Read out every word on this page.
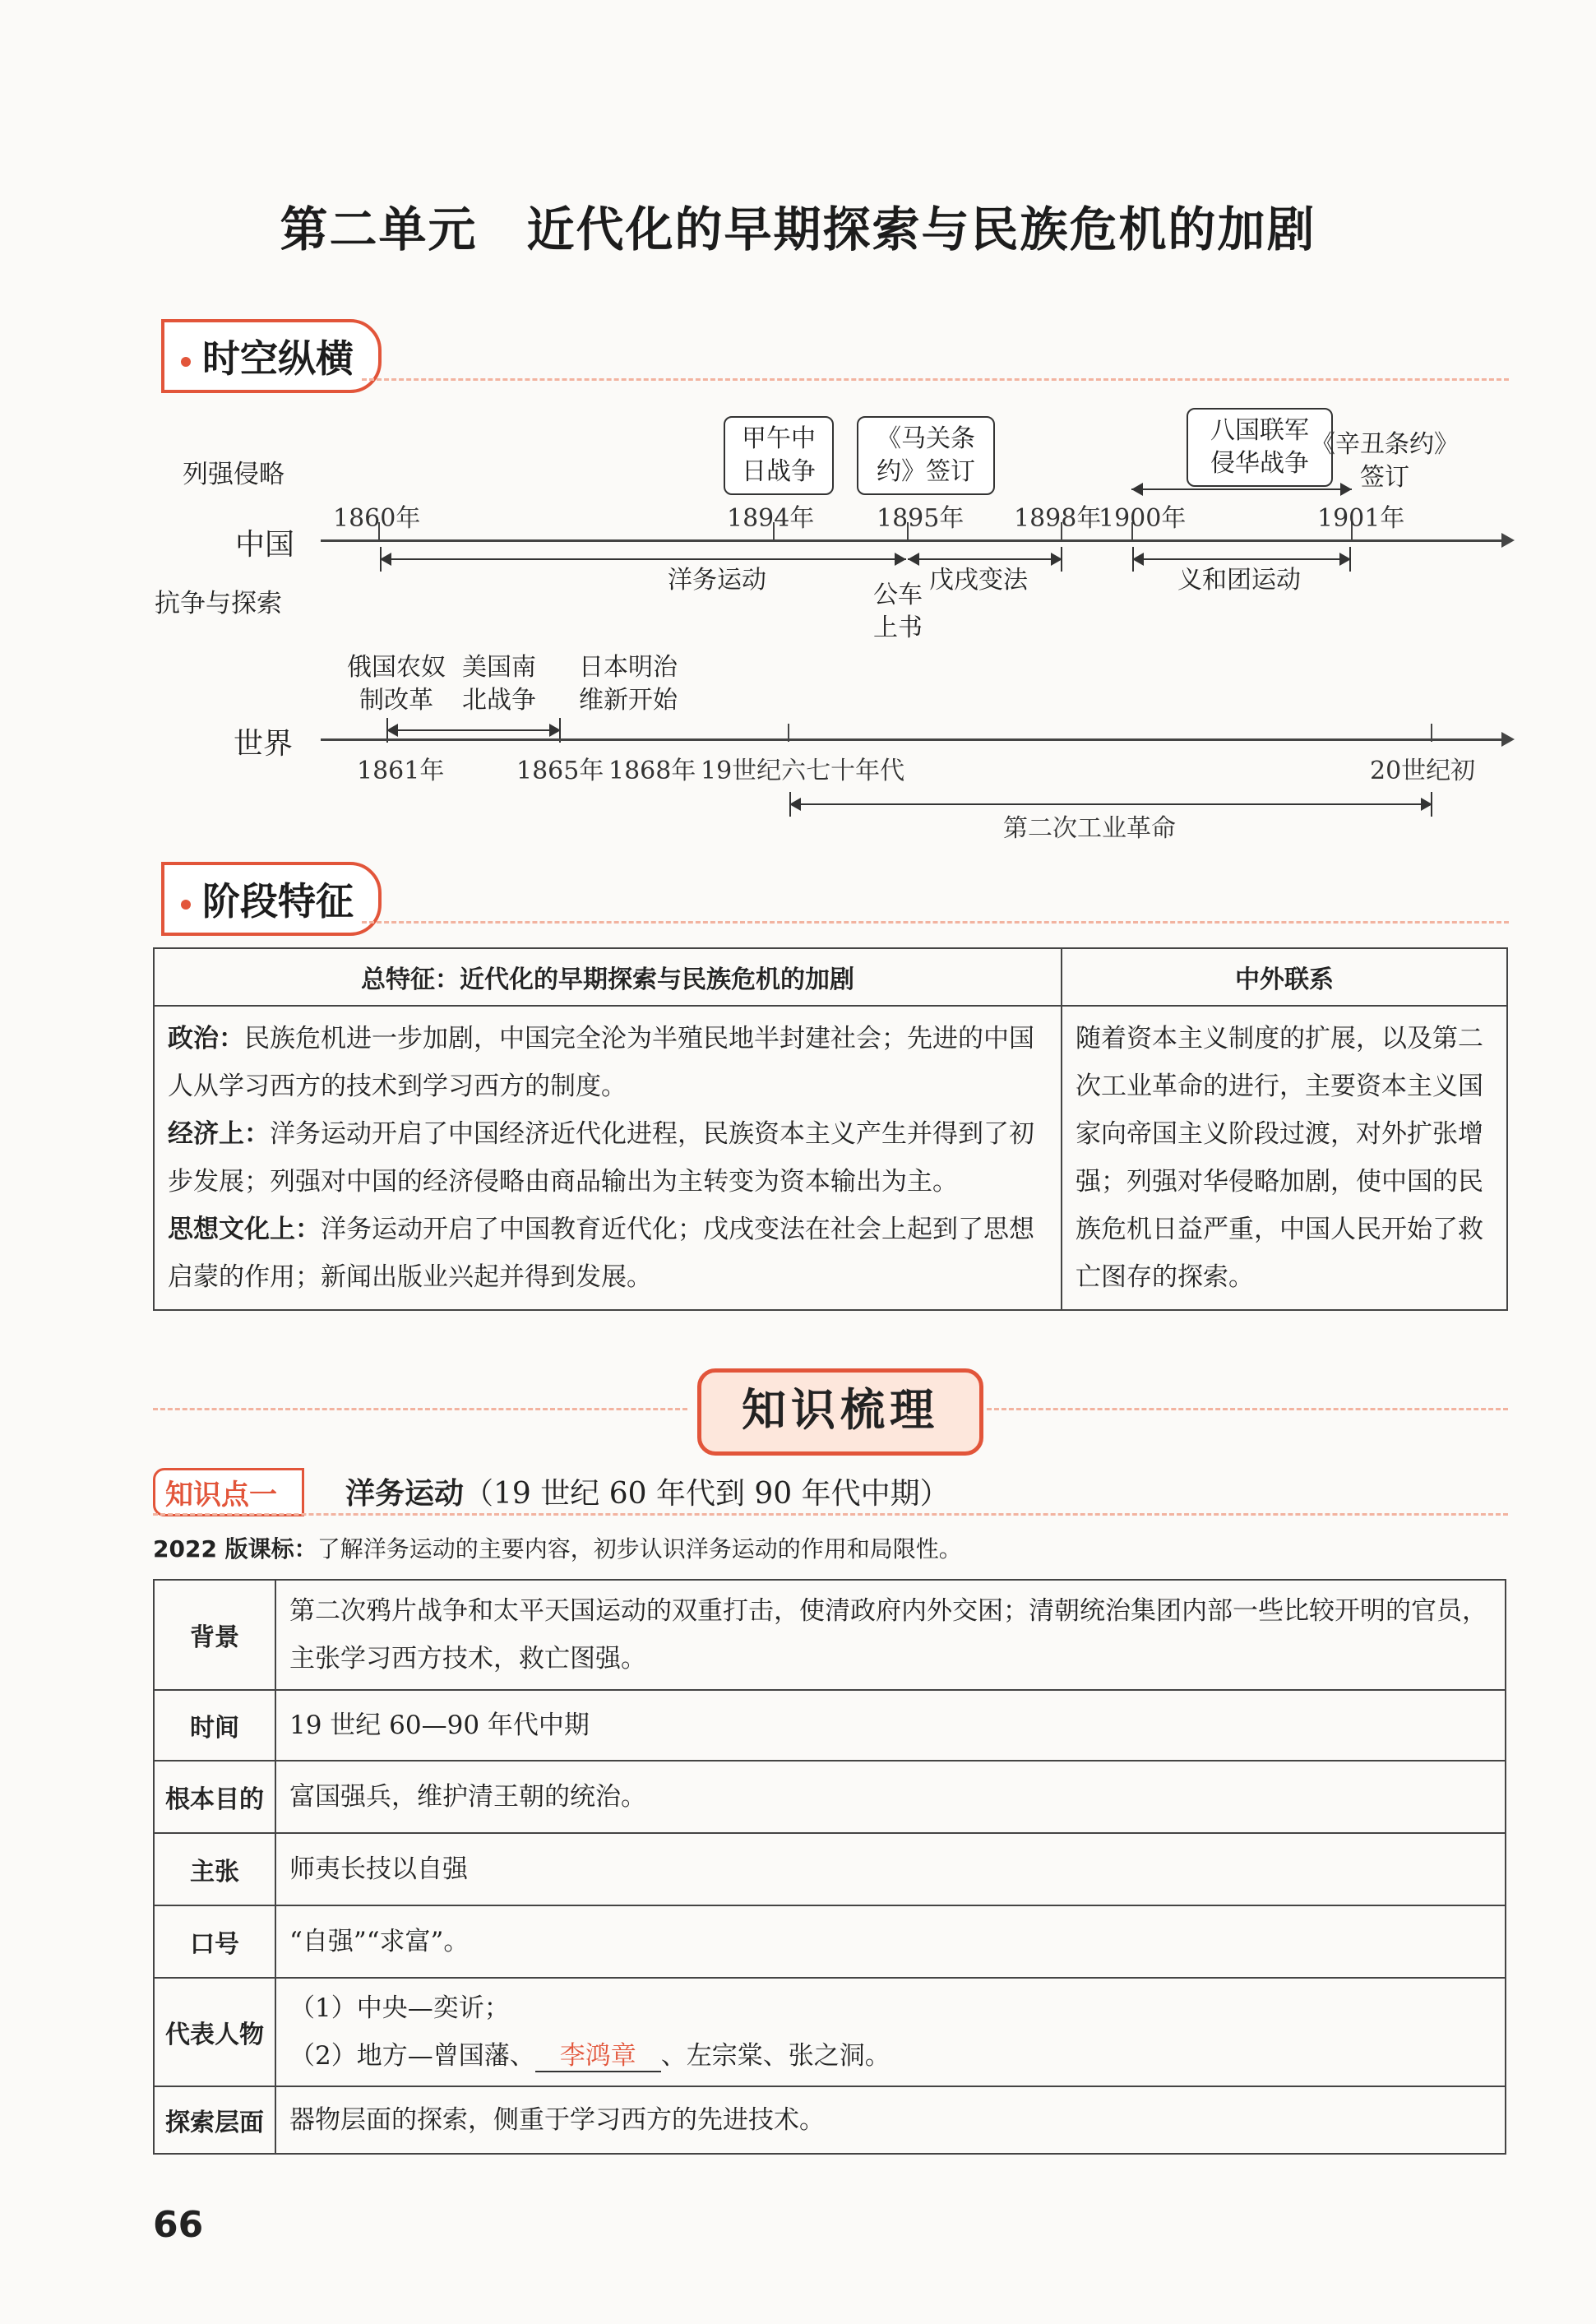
第二单元 近代化的早期探索与民族危机的加剧
时空纵横
列强侵略
中国
抗争与探索
1860年	1894年	1895年 1898年
1900年	1901年
甲午中
日战争
《马关条
约》签订
八国联军
侵华战争
《辛丑条约》
签订
洋务运动	戊戌变法	义和团运动
公车
上书
世界
俄国农奴
制改革
美国南
北战争
日本明治
维新开始
1861年	1865年 1868年 19世纪六七十年代	20世纪初
第二次工业革命
阶段特征
总特征：近代化的早期探索与民族危机的加剧	中外联系

政治：民族危机进一步加剧，中国完全沦为半殖民地半封建社会；先进的中国人从学习西方的技术到学习西方的制度。
经济上：洋务运动开启了中国经济近代化进程，民族资本主义产生并得到了初步发展；列强对中国的经济侵略由商品输出为主转变为资本输出为主。
思想文化上：洋务运动开启了中国教育近代化；戊戌变法在社会上起到了思想启蒙的作用；新闻出版业兴起并得到发展。	随着资本主义制度的扩展，以及第二次工业革命的进行，主要资本主义国家向帝国主义阶段过渡，对外扩张增强；列强对华侵略加剧，使中国的民族危机日益严重，中国人民开始了救亡图存的探索。
知识梳理
知识点一	洋务运动（19 世纪 60 年代到 90 年代中期）
2022 版课标：了解洋务运动的主要内容，初步认识洋务运动的作用和局限性。
背景	第二次鸦片战争和太平天国运动的双重打击，使清政府内外交困；清朝统治集团内部一些比较开明的官员，主张学习西方技术，救亡图强。
时间	19 世纪 60—90 年代中期
根本目的	富国强兵，维护清王朝的统治。
主张	师夷长技以自强
口号	“自强”“求富”。
代表人物	（1）中央—奕䜣；
（2）地方—曾国藩、 李鸿章 、左宗棠、张之洞。

探索层面	器物层面的探索，侧重于学习西方的先进技术。
66
